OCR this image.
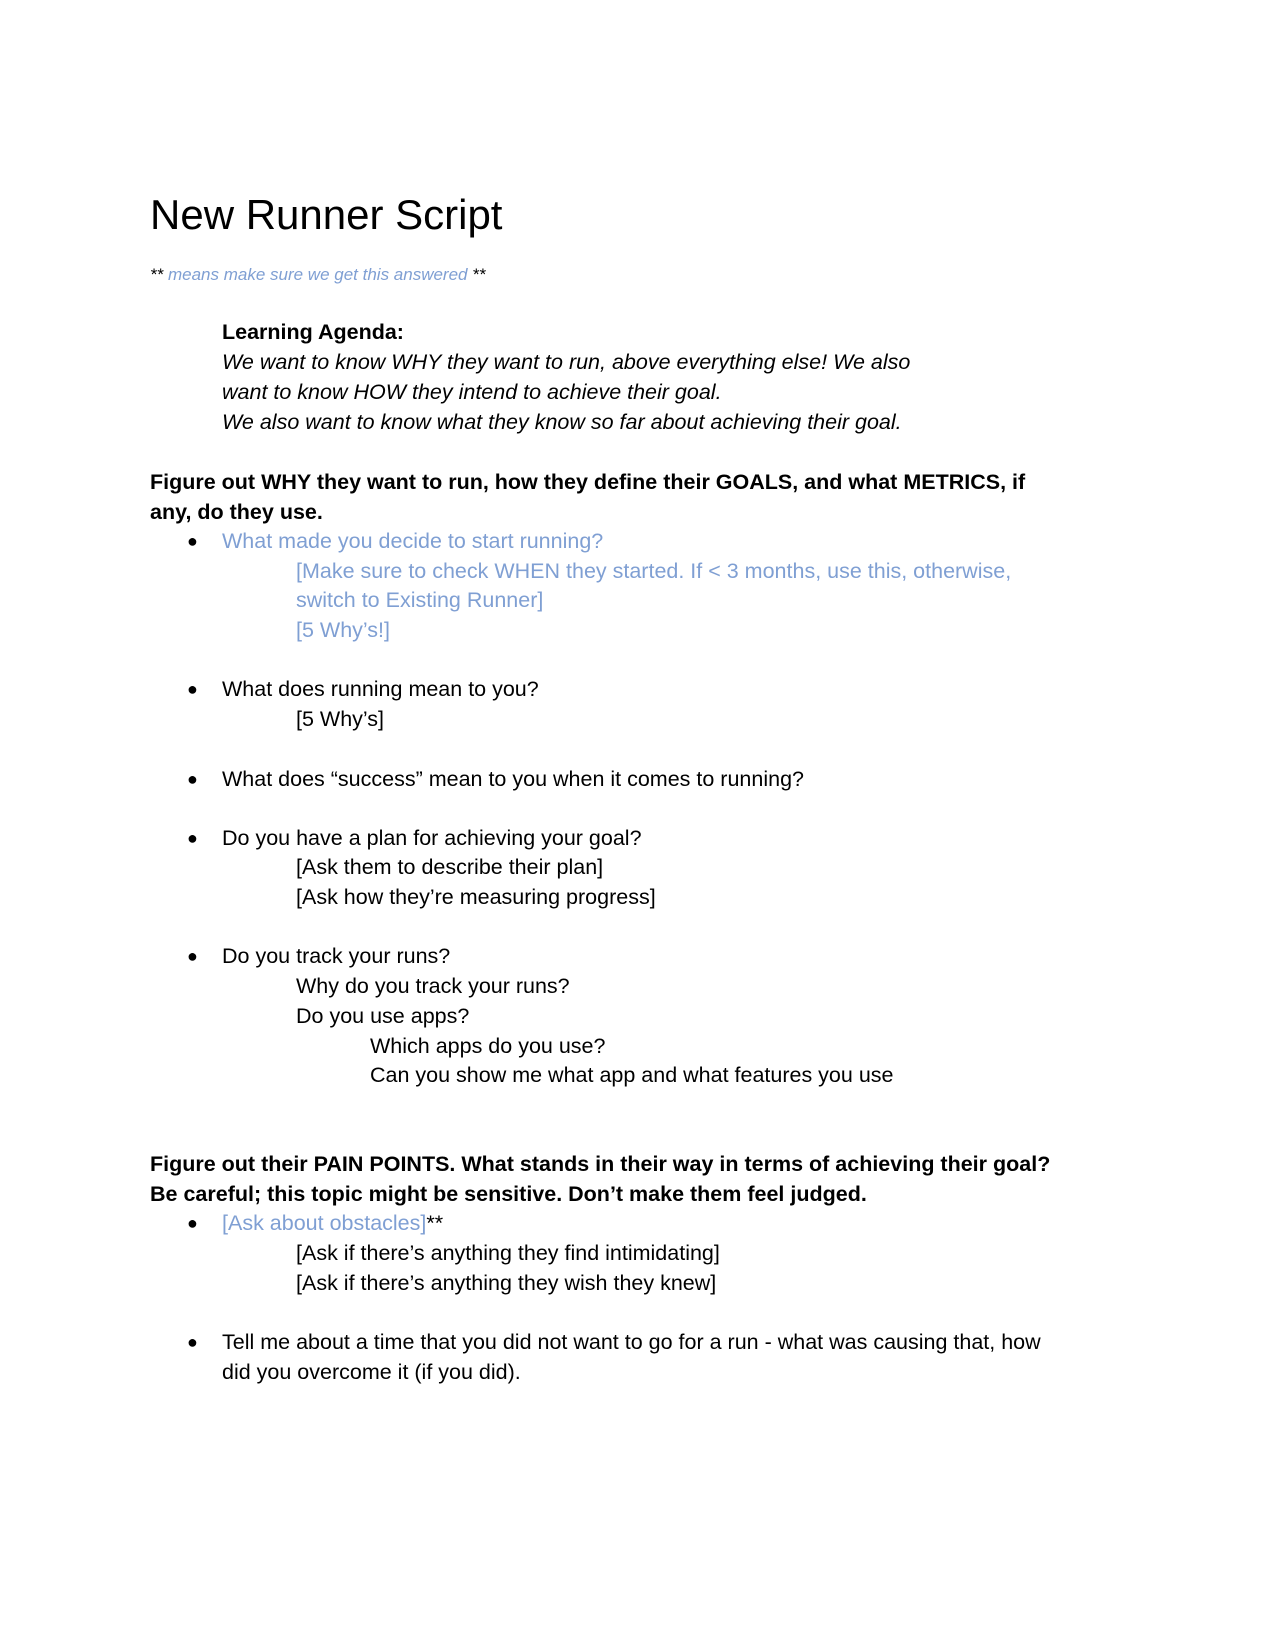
New Runner Script
** means make sure we get this answered **
Learning Agenda:
We want to know WHY they want to run, above everything else! We also
want to know HOW they intend to achieve their goal.
We also want to know what they know so far about achieving their goal.
Figure out WHY they want to run, how they define their GOALS, and what METRICS, if
any, do they use.
● What made you decide to start running?
[Make sure to check WHEN they started. If < 3 months, use this, otherwise,
switch to Existing Runner]
[5 Why’s!]
● What does running mean to you?
[5 Why’s]
● What does “success” mean to you when it comes to running?
● Do you have a plan for achieving your goal?
[Ask them to describe their plan]
[Ask how they’re measuring progress]
● Do you track your runs?
Why do you track your runs?
Do you use apps?
Which apps do you use?
Can you show me what app and what features you use
Figure out their PAIN POINTS. What stands in their way in terms of achieving their goal?
Be careful; this topic might be sensitive. Don’t make them feel judged.
● [Ask about obstacles]**
[Ask if there’s anything they find intimidating]
[Ask if there’s anything they wish they knew]
● Tell me about a time that you did not want to go for a run - what was causing that, how
did you overcome it (if you did).
